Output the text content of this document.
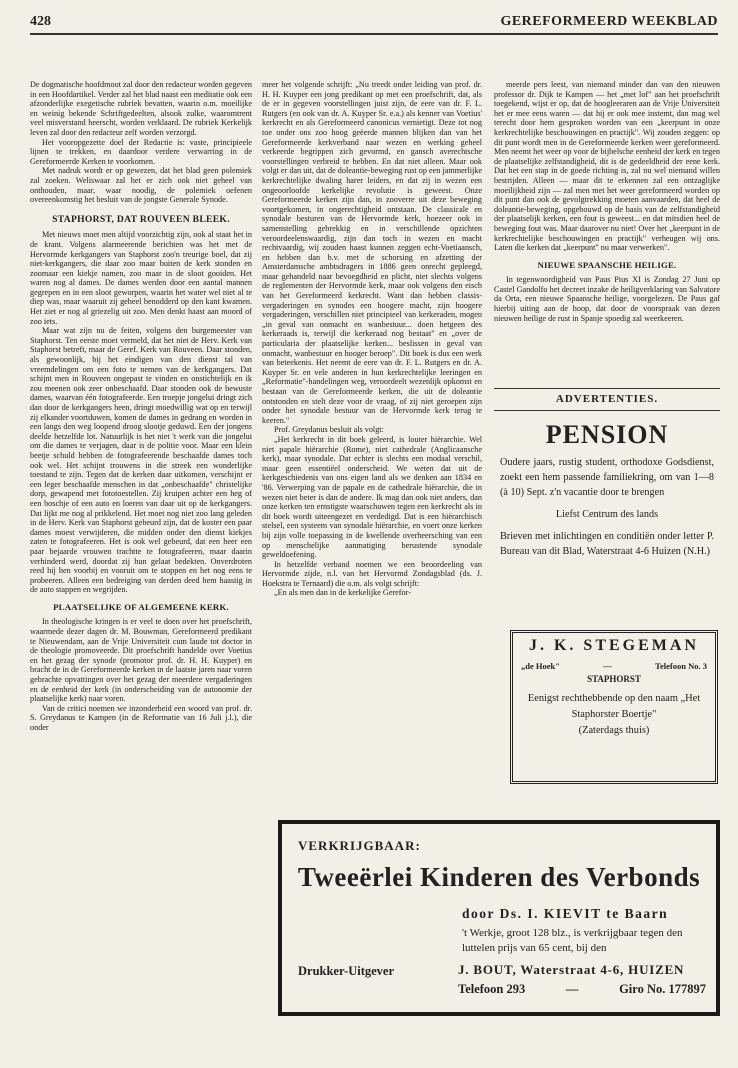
428	GEREFORMEERD WEEKBLAD

De dogmatische hoofdmoot zal door den redacteur worden gegeven in een Hoofdartikel. Verder zal het blad naast een meditatie ook een afzonderlijke exegetische rubriek bevatten, waarin o.m. moeilijke en weinig bekende Schriftgedeelten, alsook zulke, waaromtrent veel misverstand heerscht, worden verklaard. De rubriek Kerkelijk leven zal door den redacteur zelf worden verzorgd.

Het vooropgezette doel der Redactie is: vaste, principieele lijnen te trekken, en daardoor verdere verwarring in de Gereformeerde Kerken te voorkomen.

Met nadruk wordt er op gewezen, dat het blad geen polemiek zal zoeken. Weliswaar zal het er zich ook niet geheel van onthouden, maar, waar noodig, de polemiek oefenen overeenkomstig het besluit van de jongste Generale Synode.

STAPHORST, DAT ROUVEEN BLEEK.

Met nieuws moet men altijd voorzichtig zijn, ook al staat het in de krant. Volgens alarmeerende berichten was het met de Hervormde kerkgangers van Staphorst zoo'n treurige boel, dat zij niet-kerkgangers, die daar zoo maar buiten de kerk stonden en zoomaar een kiekje namen, zoo maar in de sloot gooiden. Het waren nog al dames. De dames werden door een aantal mannen gegrepen en in een sloot geworpen, waarin het water wel niet al te diep was, maar waaruit zij geheel benodderd op den kant kwamen. Het ziet er nog al griezelig uit zoo. Men denkt haast aan moord of zoo iets.

Maar wat zijn nu de feiten, volgens den burgemeester van Staphorst. Ten eerste moet vermeld, dat het niet de Herv. Kerk van Staphorst betreft, maar de Geref. Kerk van Rouveen. Daar stonden, als gewoonlijk, bij het eindigen van den dienst tal van vreemdelingen om een foto te nemen van de kerkgangers. Dat schijnt men in Rouveen ongepast te vinden en onstichtelijk en ik zou meenen ook zeer onbeschaafd. Daar stonden ook de bewuste dames, waarvan één fotografeerde. Een troepje jongelui dringt zich dan door de kerkgangers heen, dringt moedwillig wat op en terwijl zij elkander voortduwen, komen de dames in gedrang en worden in een langs den weg loopend droog slootje geduwd. Een der jongens deelde hetzelfde lot. Natuurlijk is het niet 't werk van die jongelui om die dames te verjagen, daar is de politie voor. Maar een klein beetje schuld hebben de fotografeerende beschaafde dames toch ook wel. Het schijnt trouwens in die streek een wonderlijke toestand te zijn. Tegen dat de kerken daar uitkomen, verschijnt er een leger beschaafde menschen in dat „onbeschaafde" christelijke dorp, gewapend met fototoestellen. Zij kruipen achter een heg of een boschje of een auto en loeren van daar uit op de kerkgangers. Dat lijkt me nog al prikkelend. Het moet nog niet zoo lang geleden in de Herv. Kerk van Staphorst gebeurd zijn, dat de koster een paar dames moest verwijderen, die midden onder den dienst kiekjes zaten te fotografeeren. Het is ook wel gebeurd, dat een heer een paar bejaarde vrouwen trachtte te fotografeeren, maar daarin verhinderd werd, doordat zij hun gelaat bedekten. Onverdroten reed hij hen voorbij en vooruit om te stoppen en het nog eens te probeeren. Alleen een bedreiging van derden deed hem haastig in de auto stappen en wegrijden.

PLAATSELIJKE OF ALGEMEENE KERK.

In theologische kringen is er veel te doen over het proefschrift, waarmede dezer dagen dr. M. Bouwman, Gereformeerd predikant te Nieuwendam, aan de Vrije Universiteit cum laude tot doctor in de theologie promoveerde. Dit proefschrift handelde over Voetius en het gezag der synode (promotor prof. dr. H. H. Kuyper) en bracht de in de Gereformeerde kerken in de laatste jaren naar voren gebrachte opvattingen over het gezag der meerdere vergaderingen en de eenheid der kerk (in onderscheiding van de autonomie der plaatselijke kerk) naar voren.

Van de critici noemen we inzonderheid een woord van prof. dr. S. Greydanus te Kampen (in de Reformatie van 16 Juli j.l.), die onder

meer het volgende schrijft: „Nu treedt onder leiding van prof. dr. H. H. Kuyper een jong predikant op met een proefschrift, dat, als de er in gegeven voorstellingen juist zijn, de eere van dr. F. L. Rutgers (en ook van dr. A. Kuyper Sr. e.a.) als kenner van Voetius' kerkrecht en als Gereformeerd canonicus vernietigt. Deze tot nog toe onder ons zoo hoog geëerde mannen blijken dan van het Gereformeerde kerkverband naar wezen en werking geheel verkeerde begrippen zich gevormd, en gansch averechtsche voorstellingen verbreid te hebben. En dat niet alleen. Maar ook volgt er dan uit, dat de doleantie-beweging rust op een jammerlijke kerkrechtelijke dwaling harer leiders, en dat zij in wezen een ongeoorloofde kerkelijke revolutie is geweest. Onze Gereformeerde kerken zijn dan, in zooverre uit deze beweging voortgekomen, in ongerechtigheid ontstaan. De classicale en synodale besturen van de Hervormde kerk, hoezeer ook in samenstelling gebrekkig en in verschillende opzichten veroordeelenswaardig, zijn dan toch in wezen en macht rechtvaardig, wij zouden haast kunnen zeggen echt-Voetiaansch, en hebben dan b.v. met de schorsing en afzetting der Amsterdamsche ambtsdragers in 1886 geen onrecht gepleegd, maar gehandeld naar bevoegdheid en plicht, niet slechts volgens de reglementen der Hervormde kerk, maar ook volgens den eisch van het Gereformeerd kerkrecht. Want dan hebben classis-vergaderingen en synodes een hoogere macht, zijn hoogere vergaderingen, verschillen niet principieel van kerkeraden, mogen „in geval van onmacht en wanbestuur... doen hetgeen des kerkeraads is, terwijl die kerkeraad nog bestaat" en „over de particularia der plaatselijke kerken... beslissen in geval van onmacht, wanbestuur en hooger beroep". Dit boek is dus een werk van beteekenis. Het neemt de eere van dr. F. L. Rutgers en dr. A. Kuyper Sr. en vele anderen in hun kerkrechtelijke leeringen en „Reformatie"-handelingen weg, veroordeelt wezenlijk opkomst en bestaan van de Gereformeerde kerken, die uit de doleantie ontstonden en stelt deze voor de vraag, of zij niet geroepen zijn onder het synodale bestuur van de Hervormde kerk terug te keeren."

Prof. Greydanus besluit als volgt:

„Het kerkrecht in dit boek geleerd, is louter hiërarchie. Wel niet papale hiërarchie (Rome), niet cathedrale (Anglicaansche kerk), maar synodale. Dat echter is slechts een modaal verschil, maar geen essentiëel onderscheid. We weten dat uit de kerkgeschiedenis van ons eigen land als we denken aan 1834 en '86. Verwerping van de papale en de cathedrale hiërarchie, die in wezen niet beter is dan de andere. Ik mag dan ook niet anders, dan onze kerken ten ernstigste waarschuwen tegen een kerkrecht als in dit boek wordt uiteengezet en verdedigd. Dat is een hiërarchisch stelsel, een systeem van synodale hiërarchie, en voert onze kerken bij zijn volle toepassing in de kwellende overheersching van een op menschelijke aanmatiging berustende synodale geweldoefening.

In hetzelfde verband noemen we een beoordeeling van Hervormde zijde, n.l. van het Hervormd Zondagsblad (ds. J. Hoekstra te Ternaard) die o.m. als volgt schrijft:

„En als men dan in de kerkelijke Gerefor-

meerde pers leest, van niemand minder dan van den nieuwen professor dr. Dijk te Kampen — het „met lof" aan het proefschrift toegekend, wijst er op, dat de hoogleeraren aan de Vrije Universiteit het er mee eens waren — dat hij er ook mee instemt, dan mag wel terecht door hem gesproken worden van een „keerpunt in onze kerkrechtelijke beschouwingen en practijk". Wij zouden zeggen: op dit punt wordt men in de Gereformeerde kerken weer gereformeerd. Men neemt het weer op voor de bijbelsche eenheid der kerk en tegen de plaatselijke zelfstandigheid, dit is de gedeeldheid der eene kerk. Dat het een stap in de goede richting is, zal nu wel niemand willen bestrijden. Alleen — maar dit te erkennen zal een ontzaglijke moeilijkheid zijn — zal men met het weer gereformeerd worden op dit punt dan ook de gevolgtrekking moeten aanvaarden, dat heel de doleantie-beweging, opgebouwd op de basis van de zelfstandigheid der plaatselijk kerken, een fout is geweest... en dat mitsdien heel de beweging fout was. Maar daarover nu niet! Over het „keerpunt in de kerkrechtelijke beschouwingen en practijk" verheugen wij ons. Laten die kerken dat „keerpunt" nu maar verwerken".

NIEUWE SPAANSCHE HEILIGE.

In tegenwoordigheid van Paus Pius XI is Zondag 27 Juni op Castel Gandolfo het decreet inzake de heiligverklaring van Salvatore da Orta, een nieuwe Spaansche heilige, voorgelezen. De Paus gaf hierbij uiting aan de hoop, dat door de voorspraak van dezen nieuwen heilige de rust in Spanje spoedig zal weerkeeren.

ADVERTENTIES.
PENSION

Oudere jaars, rustig student, orthodoxe Godsdienst, zoekt een hem passende familiekring, om van 1—8 (à 10) Sept. z'n vacantie door te brengen

Liefst Centrum des lands

Brieven met inlichtingen en conditiën onder letter P. Bureau van dit Blad, Waterstraat 4-6 Huizen (N.H.)

J. K. STEGEMAN
„de Hoek"	—	Telefoon No. 3
STAPHORST
Eenigst rechthebbende op den naam „Het Staphorster Boertje"
(Zaterdags thuis)
VERKRIJGBAAR:
Tweeërlei Kinderen des Verbonds
door Ds. I. KIEVIT te Baarn
't Werkje, groot 128 blz., is verkrijgbaar tegen den luttelen prijs van 65 cent, bij den
Drukker-Uitgever	J. BOUT, Waterstraat 4-6, HUIZEN
Telefoon 293	—	Giro No. 177897
